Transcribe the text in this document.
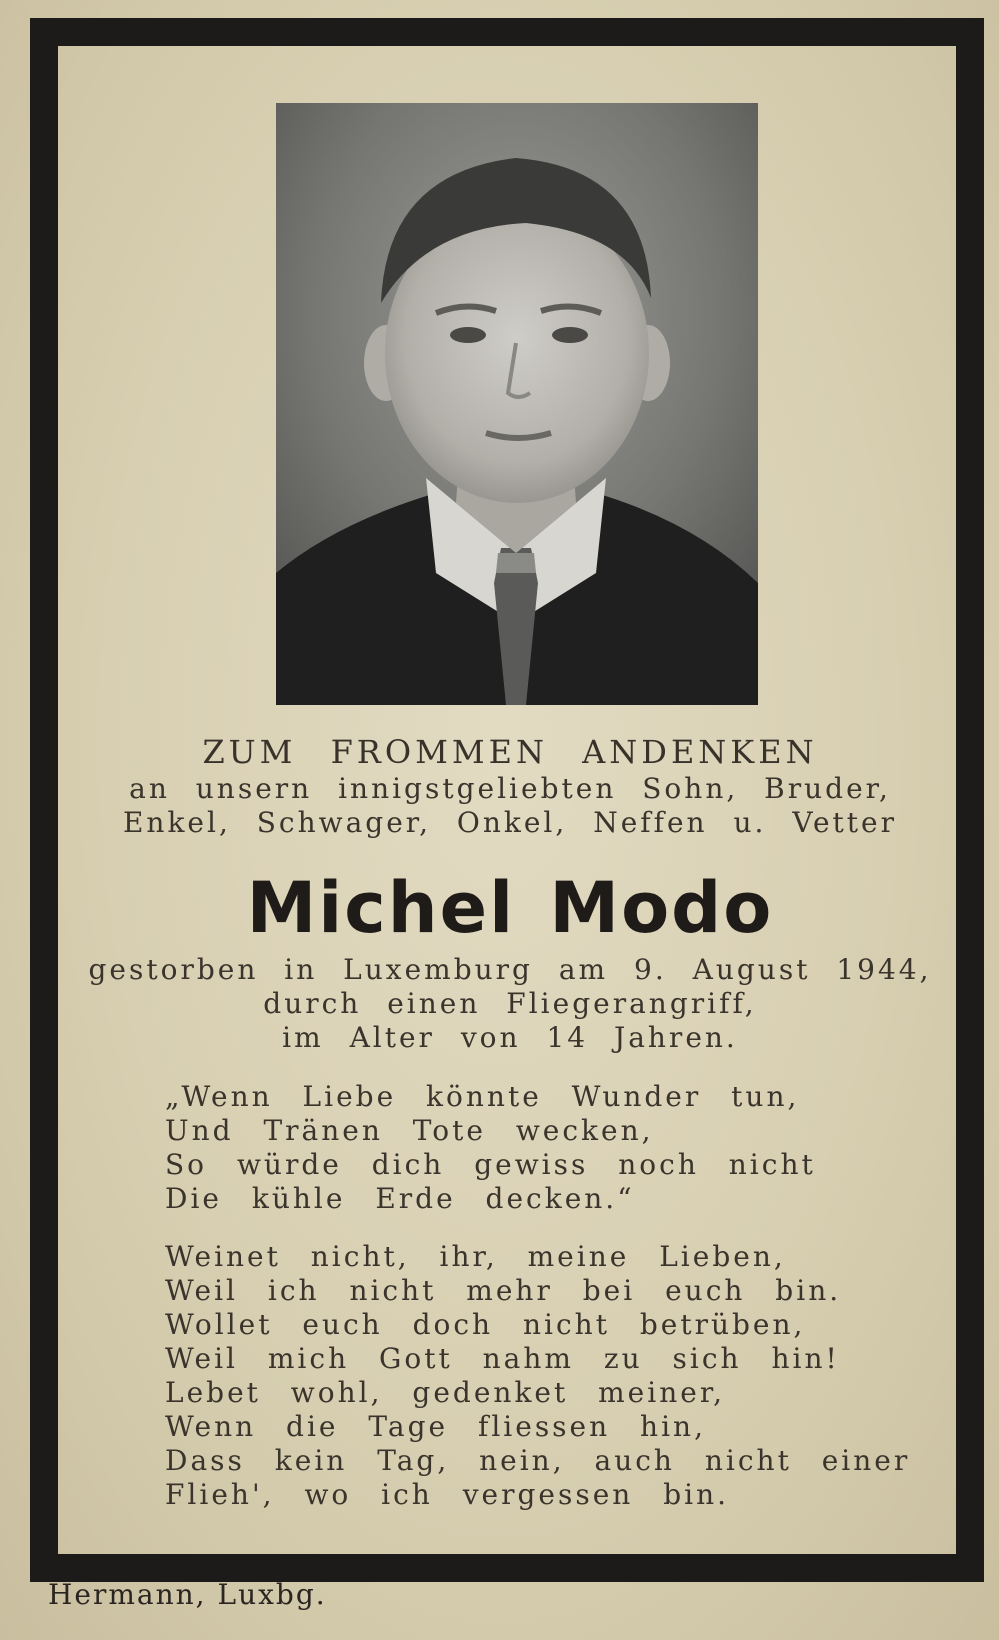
ZUM FROMMEN ANDENKEN
an unsern innigstgeliebten Sohn, Bruder,
Enkel, Schwager, Onkel, Neffen u. Vetter
Michel Modo
gestorben in Luxemburg am 9. August 1944,
durch einen Fliegerangriff,
im Alter von 14 Jahren.
„Wenn Liebe könnte Wunder tun,
Und Tränen Tote wecken,
So würde dich gewiss noch nicht
Die kühle Erde decken.“
Weinet nicht, ihr, meine Lieben,
Weil ich nicht mehr bei euch bin.
Wollet euch doch nicht betrüben,
Weil mich Gott nahm zu sich hin!
Lebet wohl, gedenket meiner,
Wenn die Tage fliessen hin,
Dass kein Tag, nein, auch nicht einer
Flieh', wo ich vergessen bin.
Hermann, Luxbg.
